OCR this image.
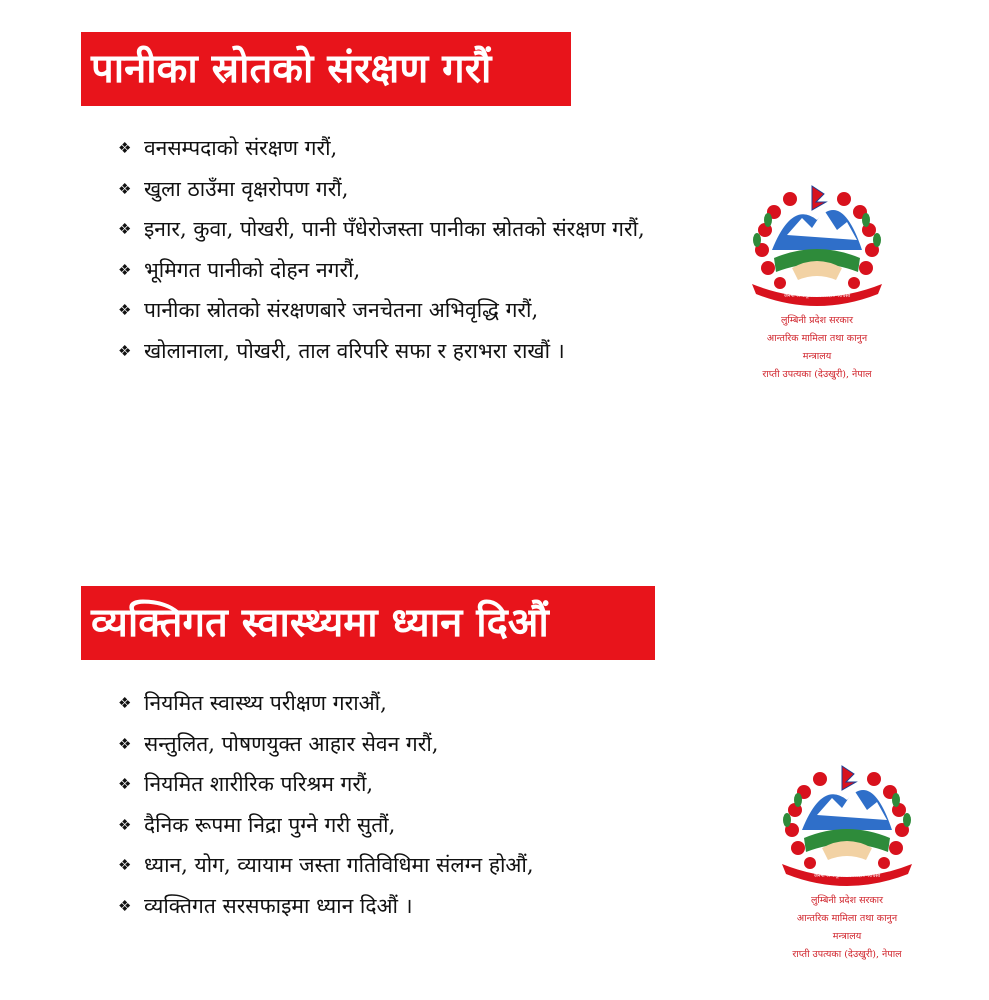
पानीका स्रोतको संरक्षण गरौं
❖ वनसम्पदाको संरक्षण गरौं,
❖ खुला ठाउँमा वृक्षरोपण गरौं,
❖ इनार, कुवा, पोखरी, पानी पँधेरोजस्ता पानीका स्रोतको संरक्षण गरौं,
❖ भूमिगत पानीको दोहन नगरौं,
❖ पानीका स्रोतको संरक्षणबारे जनचेतना अभिवृद्धि गरौं,
❖ खोलानाला, पोखरी, ताल वरिपरि सफा र हराभरा राखौं ।
जननी जन्मभूमिश्च स्वर्गादपि गरीयसी
लुम्बिनी प्रदेश सरकार
आन्तरिक मामिला तथा कानुन
मन्त्रालय
राप्ती उपत्यका (देउखुरी), नेपाल
व्यक्तिगत स्वास्थ्यमा ध्यान दिऔं
❖ नियमित स्वास्थ्य परीक्षण गराऔं,
❖ सन्तुलित, पोषणयुक्त आहार सेवन गरौं,
❖ नियमित शारीरिक परिश्रम गरौं,
❖ दैनिक रूपमा निद्रा पुग्ने गरी सुतौं,
❖ ध्यान, योग, व्यायाम जस्ता गतिविधिमा संलग्न होऔं,
❖ व्यक्तिगत सरसफाइमा ध्यान दिऔं ।
जननी जन्मभूमिश्च स्वर्गादपि गरीयसी
लुम्बिनी प्रदेश सरकार
आन्तरिक मामिला तथा कानुन
मन्त्रालय
राप्ती उपत्यका (देउखुरी), नेपाल
